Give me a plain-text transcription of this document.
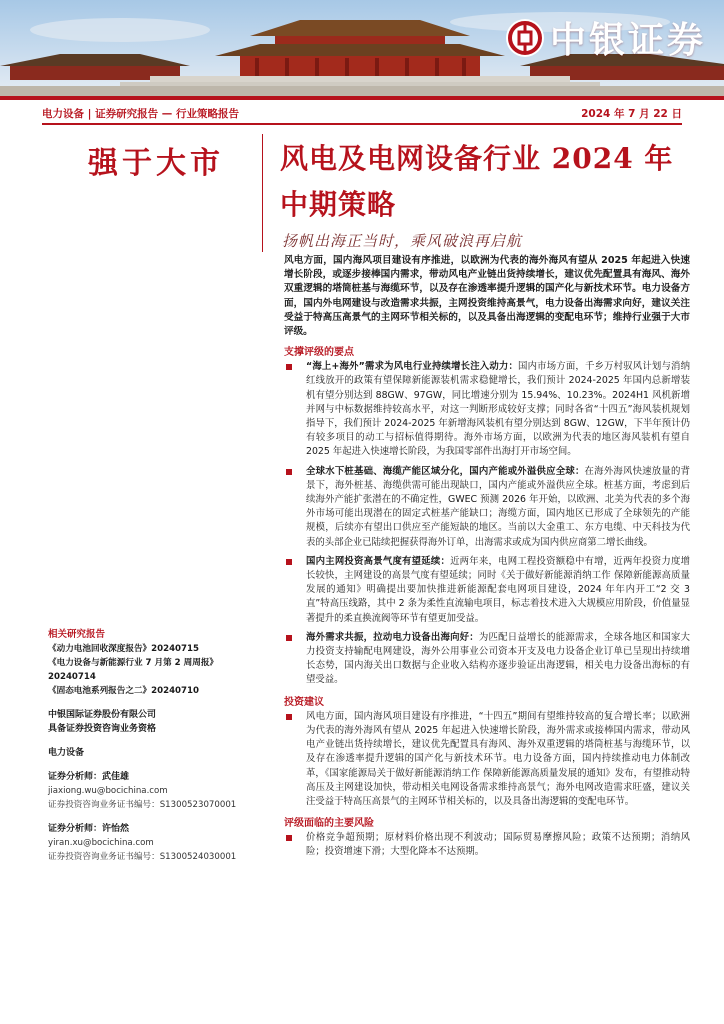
中银证券
电力设备 | 证券研究报告 — 行业策略报告	2024 年 7 月 22 日
强于大市	风电及电网设备行业 2024 年中期策略
扬帆出海正当时，乘风破浪再启航

风电方面，国内海风项目建设有序推进，以欧洲为代表的海外海风有望从 2025 年起进入快速增长阶段，或逐步接棒国内需求，带动风电产业链出货持续增长，建议优先配置具有海风、海外双重逻辑的塔筒桩基与海缆环节，以及存在渗透率提升逻辑的国产化与新技术环节。电力设备方面，国内外电网建设与改造需求共振，主网投资维持高景气，电力设备出海需求向好，建议关注受益于特高压高景气的主网环节相关标的，以及具备出海逻辑的变配电环节；维持行业强于大市评级。

支撑评级的要点
“海上+海外”需求为风电行业持续增长注入动力：国内市场方面，千乡万村驭风计划与消纳红线放开的政策有望保障新能源装机需求稳健增长，我们预计 2024-2025 年国内总新增装机有望分别达到 88GW、97GW，同比增速分别为 15.94%、10.23%。2024H1 风机新增并网与中标数据维持较高水平，对这一判断形成较好支撑；同时各省“十四五”海风装机规划指导下，我们预计 2024-2025 年新增海风装机有望分别达到 8GW、12GW，下半年预计仍有较多项目的动工与招标值得期待。海外市场方面，以欧洲为代表的地区海风装机有望自 2025 年起进入快速增长阶段，为我国零部件出海打开市场空间。
全球水下桩基础、海缆产能区域分化，国内产能或外溢供应全球：在海外海风快速放量的背景下，海外桩基、海缆供需可能出现缺口，国内产能或外溢供应全球。桩基方面，考虑到后续海外产能扩张潜在的不确定性，GWEC 预测 2026 年开始，以欧洲、北美为代表的多个海外市场可能出现潜在的固定式桩基产能缺口；海缆方面，国内地区已形成了全球领先的产能规模，后续亦有望出口供应至产能短缺的地区。当前以大金重工、东方电缆、中天科技为代表的头部企业已陆续把握获得海外订单，出海需求或成为国内供应商第二增长曲线。
国内主网投资高景气度有望延续：近两年来，电网工程投资额稳中有增，近两年投资力度增长较快，主网建设的高景气度有望延续；同时《关于做好新能源消纳工作 保障新能源高质量发展的通知》明确提出要加快推进新能源配套电网项目建设，2024 年年内开工“2 交 3 直”特高压线路，其中 2 条为柔性直流输电项目，标志着技术进入大规模应用阶段，价值量显著提升的柔直换流阀等环节有望更加受益。
海外需求共振，拉动电力设备出海向好：为匹配日益增长的能源需求，全球各地区和国家大力投资支持输配电网建设，海外公用事业公司资本开支及电力设备企业订单已呈现出持续增长态势，国内海关出口数据与企业收入结构亦逐步验证出海逻辑，相关电力设备出海标的有望受益。
投资建议
风电方面，国内海风项目建设有序推进，“十四五”期间有望维持较高的复合增长率；以欧洲为代表的海外海风有望从 2025 年起进入快速增长阶段，海外需求或接棒国内需求，带动风电产业链出货持续增长，建议优先配置具有海风、海外双重逻辑的塔筒桩基与海缆环节，以及存在渗透率提升逻辑的国产化与新技术环节。电力设备方面，国内持续推动电力体制改革，《国家能源局关于做好新能源消纳工作 保障新能源高质量发展的通知》发布，有望推动特高压及主网建设加快，带动相关电网设备需求维持高景气；海外电网改造需求旺盛，建议关注受益于特高压高景气的主网环节相关标的，以及具备出海逻辑的变配电环节。
评级面临的主要风险
价格竞争超预期；原材料价格出现不利波动；国际贸易摩擦风险；政策不达预期；消纳风险；投资增速下滑；大型化降本不达预期。
相关研究报告
《动力电池回收深度报告》20240715
《电力设备与新能源行业 7 月第 2 周周报》
20240714
《固态电池系列报告之二》20240710
中银国际证券股份有限公司
具备证券投资咨询业务资格
电力设备
证券分析师：武佳雄
jiaxiong.wu@bocichina.com
证券投资咨询业务证书编号：S1300523070001
证券分析师：许怡然
yiran.xu@bocichina.com
证券投资咨询业务证书编号：S1300524030001
